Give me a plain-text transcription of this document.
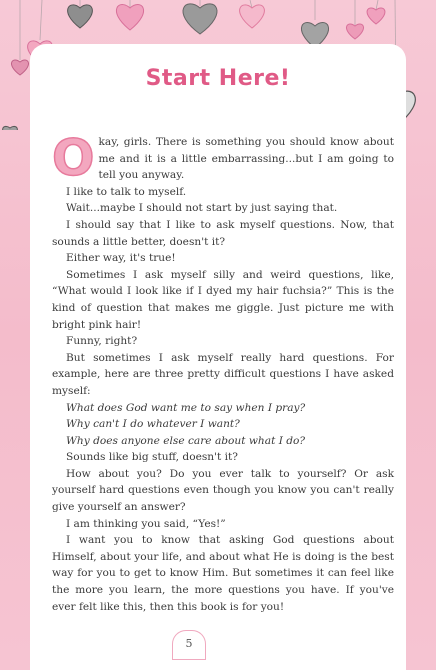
Start Here!

Okay, girls. There is something you should know about me and it is a little embarrassing...but I am going to tell you anyway.

I like to talk to myself.

Wait...maybe I should not start by just saying that.

I should say that I like to ask myself questions. Now, that sounds a little better, doesn't it?

Either way, it's true!

Sometimes I ask myself silly and weird questions, like, “What would I look like if I dyed my hair fuchsia?” This is the kind of question that makes me giggle. Just picture me with bright pink hair!

Funny, right?

But sometimes I ask myself really hard questions. For example, here are three pretty difficult questions I have asked myself:

What does God want me to say when I pray?

Why can't I do whatever I want?

Why does anyone else care about what I do?

Sounds like big stuff, doesn't it?

How about you? Do you ever talk to yourself? Or ask yourself hard questions even though you know you can't really give yourself an answer?

I am thinking you said, “Yes!”

I want you to know that asking God questions about Himself, about your life, and about what He is doing is the best way for you to get to know Him. But sometimes it can feel like the more you learn, the more questions you have. If you've ever felt like this, then this book is for you!

5
